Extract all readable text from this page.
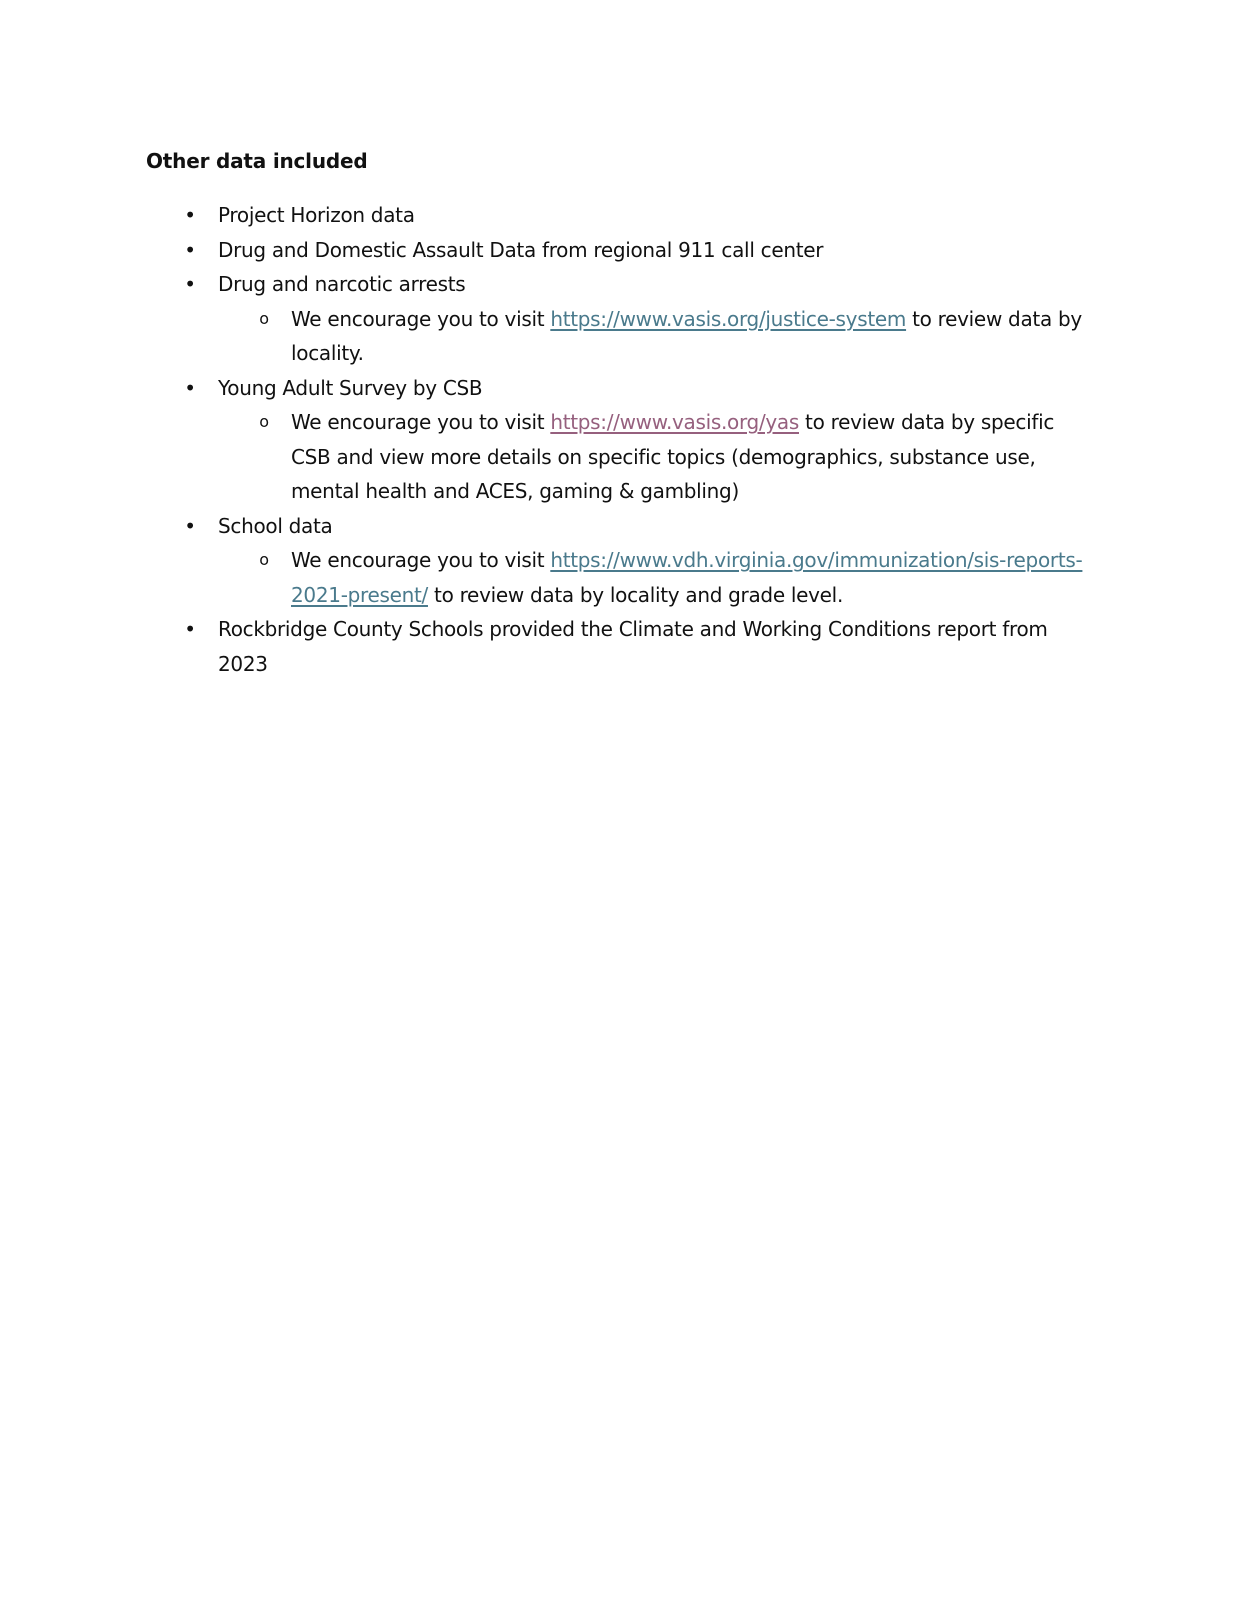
Other data included
• Project Horizon data
• Drug and Domestic Assault Data from regional 911 call center
• Drug and narcotic arrests
o We encourage you to visit https://www.vasis.org/justice-system to review data by locality.
• Young Adult Survey by CSB
o We encourage you to visit https://www.vasis.org/yas to review data by specific CSB and view more details on specific topics (demographics, substance use, mental health and ACES, gaming & gambling)
• School data
o We encourage you to visit https://www.vdh.virginia.gov/immunization/sis-reports-2021-present/ to review data by locality and grade level.
• Rockbridge County Schools provided the Climate and Working Conditions report from 2023
